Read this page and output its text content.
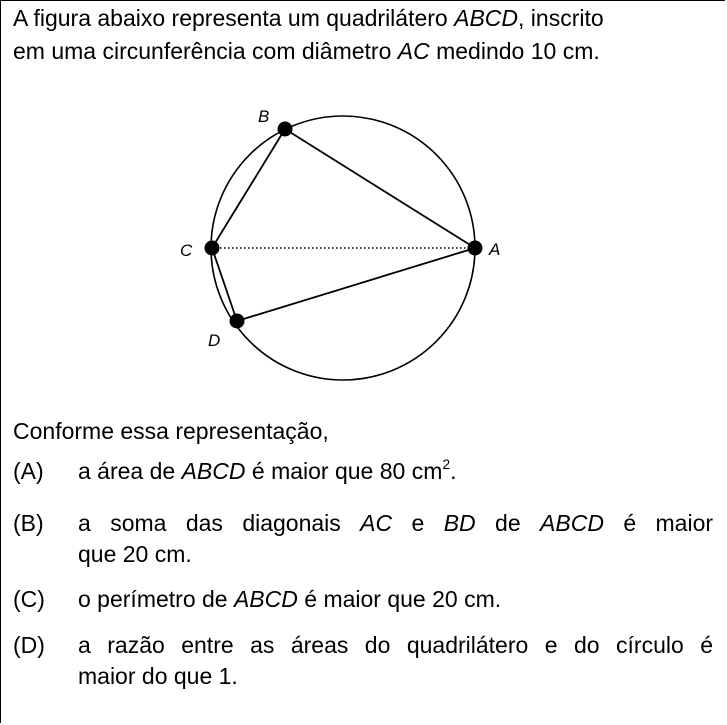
A figura abaixo representa um quadrilátero ABCD, inscrito
em uma circunferência com diâmetro AC medindo 10 cm.
A
B
C
D
Conforme essa representação,
(A) a área de ABCD é maior que 80 $cm^2$.
(B) a soma das diagonais AC e BD de ABCD é maior
que 20 cm.
(C) o perímetro de ABCD é maior que 20 cm.
(D) a razão entre as áreas do quadrilátero e do círculo é
maior do que 1.
